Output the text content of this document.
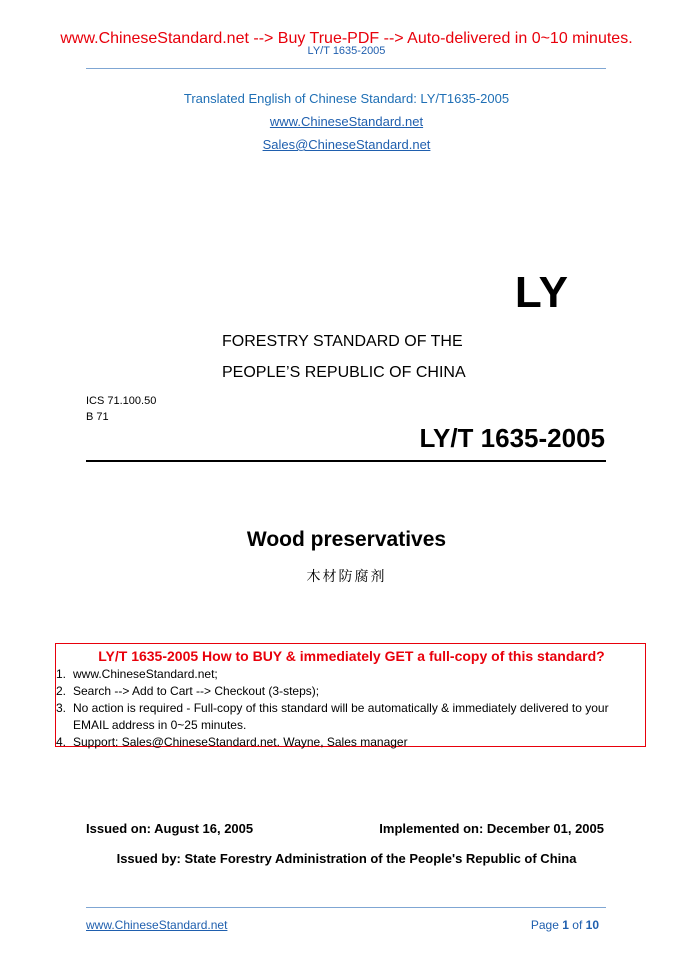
www.ChineseStandard.net --> Buy True-PDF --> Auto-delivered in 0~10 minutes.
LY/T 1635-2005
Translated English of Chinese Standard: LY/T1635-2005
www.ChineseStandard.net
Sales@ChineseStandard.net
LY
FORESTRY STANDARD OF THE
PEOPLE’S REPUBLIC OF CHINA
ICS 71.100.50
B 71
LY/T 1635-2005
Wood preservatives
木材防腐剂
LY/T 1635-2005 How to BUY & immediately GET a full-copy of this standard?
1. www.ChineseStandard.net;
2. Search --> Add to Cart --> Checkout (3-steps);
3. No action is required - Full-copy of this standard will be automatically & immediately delivered to your EMAIL address in 0~25 minutes.
4. Support: Sales@ChineseStandard.net. Wayne, Sales manager
Issued on: August 16, 2005	Implemented on: December 01, 2005
Issued by: State Forestry Administration of the People's Republic of China
www.ChineseStandard.net	Page 1 of 10
